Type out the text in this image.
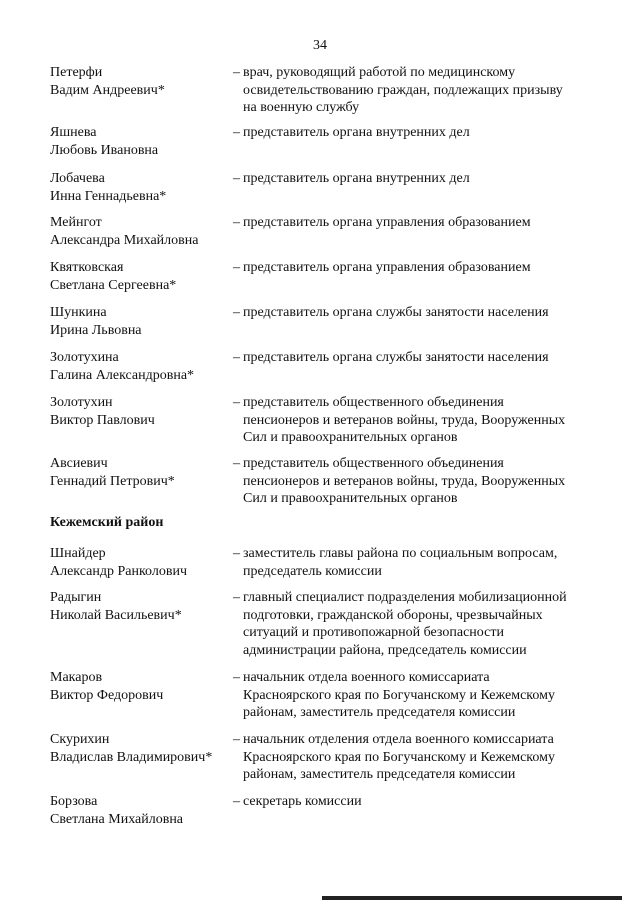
34
Петерфи
Вадим Андреевич*
– врач, руководящий работой по медицинскому
освидетельствованию граждан, подлежащих призыву
на военную службу
Яшнева
Любовь Ивановна
– представитель органа внутренних дел
Лобачева
Инна Геннадьевна*
– представитель органа внутренних дел
Мейнгот
Александра Михайловна
– представитель органа управления образованием
Квятковская
Светлана Сергеевна*
– представитель органа управления образованием
Шункина
Ирина Львовна
– представитель органа службы занятости населения
Золотухина
Галина Александровна*
– представитель органа службы занятости населения
Золотухин
Виктор Павлович
– представитель общественного объединения
пенсионеров и ветеранов войны, труда, Вооруженных
Сил и правоохранительных органов
Авсиевич
Геннадий Петрович*
– представитель общественного объединения
пенсионеров и ветеранов войны, труда, Вооруженных
Сил и правоохранительных органов
Кежемский район
Шнайдер
Александр Ранколович
– заместитель главы района по социальным вопросам,
председатель комиссии
Радыгин
Николай Васильевич*
– главный специалист подразделения мобилизационной
подготовки, гражданской обороны, чрезвычайных
ситуаций и противопожарной безопасности
администрации района, председатель комиссии
Макаров
Виктор Федорович
– начальник отдела военного комиссариата
Красноярского края по Богучанскому и Кежемскому
районам, заместитель председателя комиссии
Скурихин
Владислав Владимирович*
– начальник отделения отдела военного комиссариата
Красноярского края по Богучанскому и Кежемскому
районам, заместитель председателя комиссии
Борзова
Светлана Михайловна
– секретарь комиссии
